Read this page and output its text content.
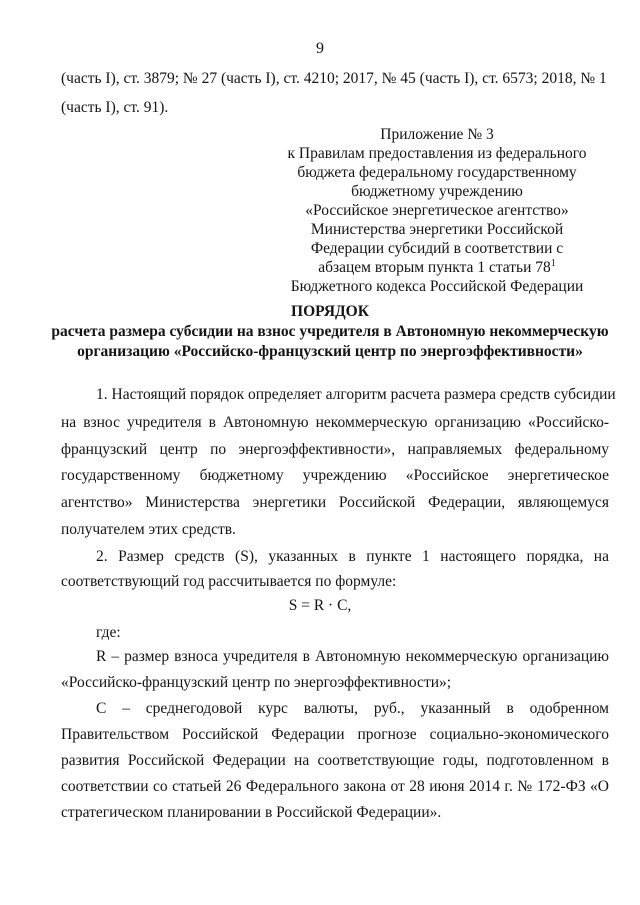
9
(часть I), ст. 3879; № 27 (часть I), ст. 4210; 2017, № 45 (часть I), ст. 6573; 2018, № 1
(часть I), ст. 91).
Приложение № 3
к Правилам предоставления из федерального
бюджета федеральному государственному
бюджетному учреждению
«Российское энергетическое агентство»
Министерства энергетики Российской
Федерации субсидий в соответствии с
абзацем вторым пункта 1 статьи $78^1$
Бюджетного кодекса Российской Федерации
ПОРЯДОК
расчета размера субсидии на взнос учредителя в Автономную некоммерческую
организацию «Российско-французский центр по энергоэффективности»
1. Настоящий порядок определяет алгоритм расчета размера средств субсидии
на взнос учредителя в Автономную некоммерческую организацию «Российско-
французский центр по энергоэффективности», направляемых федеральному
государственному бюджетному учреждению «Российское энергетическое
агентство» Министерства энергетики Российской Федерации, являющемуся
получателем этих средств.
2. Размер средств (S), указанных в пункте 1 настоящего порядка, на
соответствующий год рассчитывается по формуле:
S = R · C,
где:
R – размер взноса учредителя в Автономную некоммерческую организацию
«Российско-французский центр по энергоэффективности»;
C – среднегодовой курс валюты, руб., указанный в одобренном
Правительством Российской Федерации прогнозе социально-экономического
развития Российской Федерации на соответствующие годы, подготовленном в
соответствии со статьей 26 Федерального закона от 28 июня 2014 г. № 172-ФЗ «О
стратегическом планировании в Российской Федерации».
